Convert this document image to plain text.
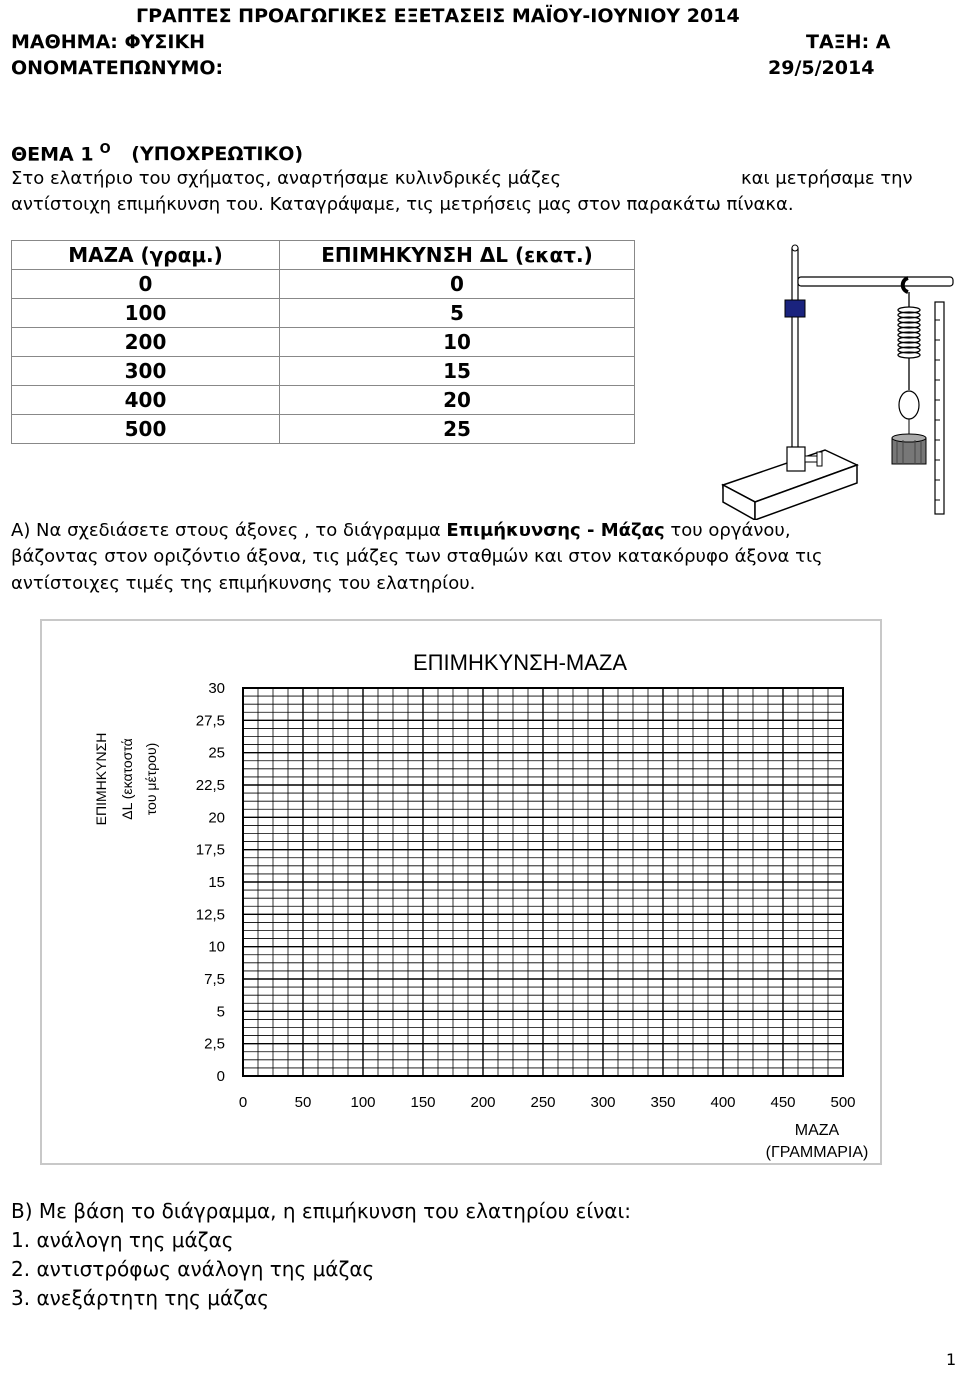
ΓΡΑΠΤΕΣ ΠΡΟΑΓΩΓΙΚΕΣ ΕΞΕΤΑΣΕΙΣ ΜΑΪΟΥ-ΙΟΥΝΙΟΥ 2014
ΜΑΘΗΜΑ: ΦΥΣΙΚΗ	ΤΑΞΗ: Α
ΟΝΟΜΑΤΕΠΩΝΥΜΟ:	29/5/2014
ΘΕΜΑ 1 $^O$ (ΥΠΟΧΡΕΩΤΙΚΟ)
Στο ελατήριο του σχήματος, αναρτήσαμε κυλινδρικές μάζες	και μετρήσαμε την
αντίστοιχη επιμήκυνση του. Καταγράψαμε, τις μετρήσεις μας στον παρακάτω πίνακα.
ΜΑΖΑ (γραμ.)	ΕΠΙΜΗΚΥΝΣΗ ΔL (εκατ.)
0	0
100	5
200	10
300	15
400	20
500	25
Α) Να σχεδιάσετε στους άξονες , το διάγραμμα Επιμήκυνσης - Μάζας του οργάνου,
βάζοντας στον οριζόντιο άξονα, τις μάζες των σταθμών και στον κατακόρυφο άξονα τις
αντίστοιχες τιμές της επιμήκυνσης του ελατηρίου.
ΕΠΙΜΗΚΥΝΣΗ-ΜΑΖΑ
ΕΠΙΜΗΚΥΝΣΗ ΔL (εκατοστά του μέτρου)
ΜΑΖΑ
(ΓΡΑΜΜΑΡΙΑ)
0
2,5
5
7,5
10
12,5
15
17,5
20
22,5
25
27,5
30
0	50	100 150 200 250 300 350 400 450 500
Β) Με βάση το διάγραμμα, η επιμήκυνση του ελατηρίου είναι:
1. ανάλογη της μάζας
2. αντιστρόφως ανάλογη της μάζας
3. ανεξάρτητη της μάζας
1
